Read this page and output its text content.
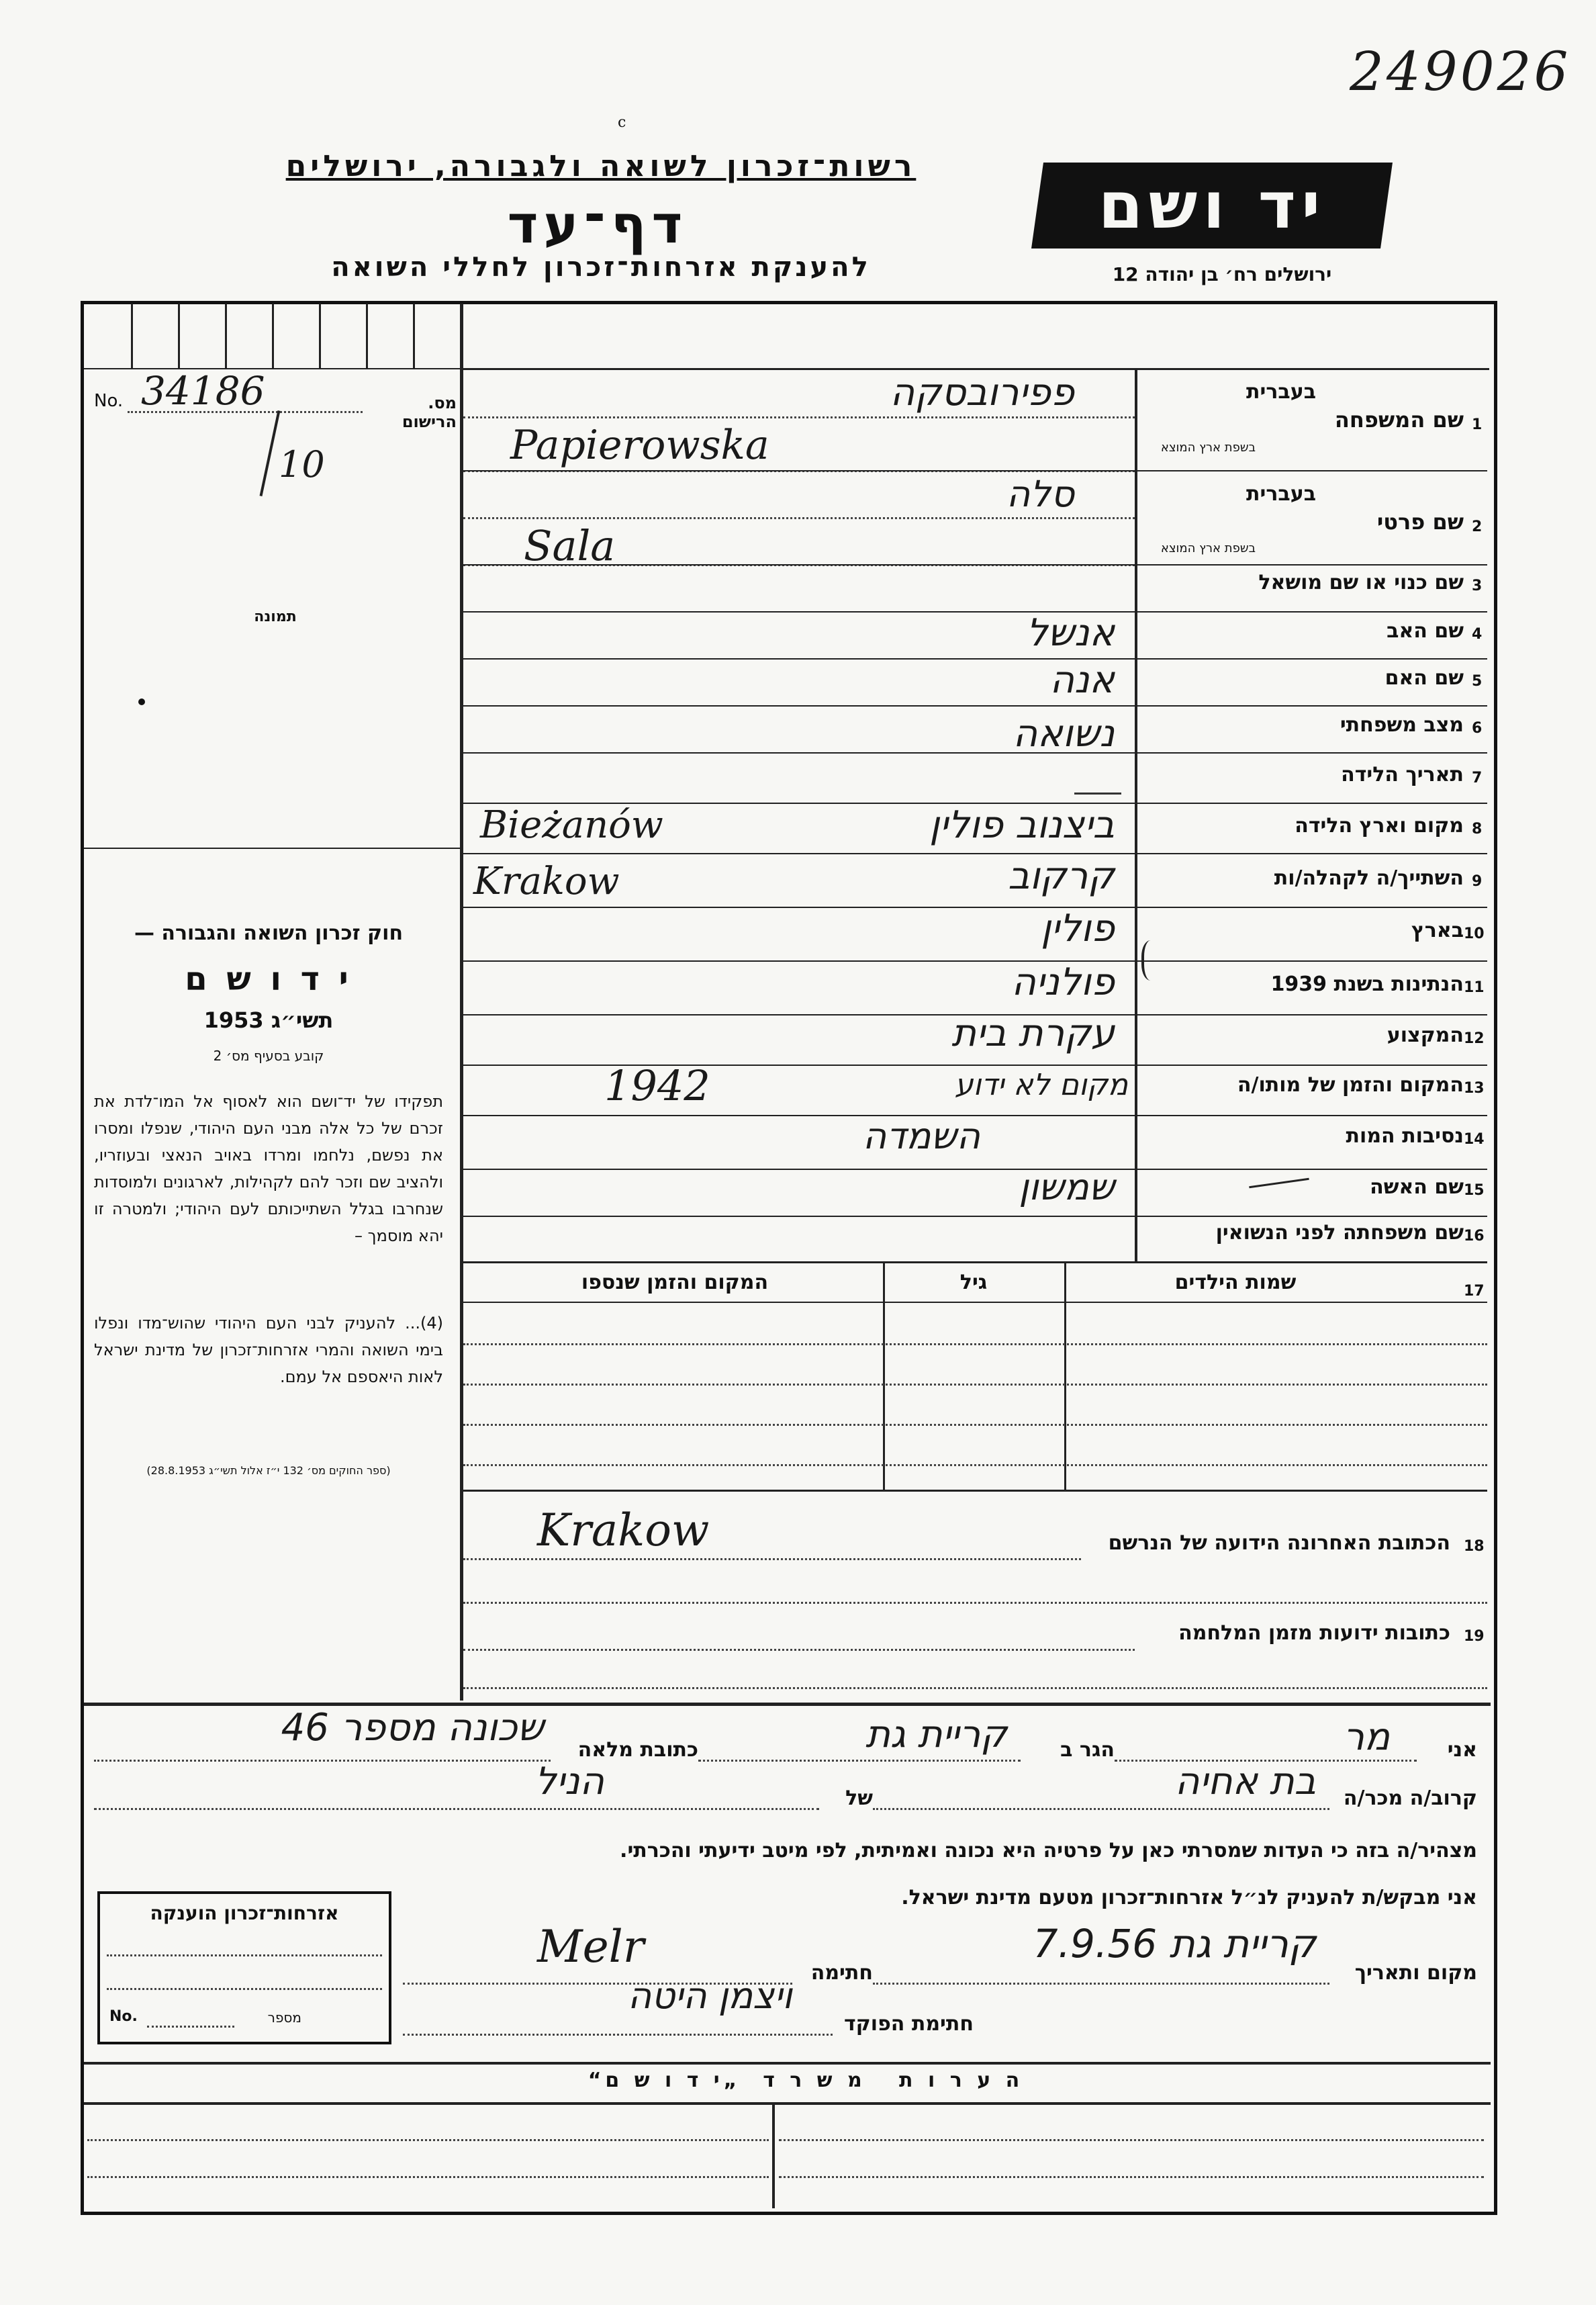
249026
c
רשות־זכרון לשואה ולגבורה, ירושלים
דף־עד
להענקת אזרחות־זכרון לחללי השואה
יד ושם
ירושלים רח׳ בן יהודה 12
No.	מס. הרישום
34186
10
תמונה
חוק זכרון השואה והגבורה —
י ד ו ש ם
תשי״ג 1953
קובע בסעיף מס׳ 2
תפקידו של יד־ושם הוא לאסוף אל המו־לדת את זכרם של כל אלה מבני העם היהודי, שנפלו ומסרו את נפשם, נלחמו ומרדו באויב הנאצי ובעוזריו, ולהציב שם וזכר להם לקהילות, לארגונים ולמוסדות שנחרבו בגלל השתייכותם לעם היהודי; ולמטרה זו יהא מוסמך –
(4)... להעניק לבני העם היהודי שהוש־מדו ונפלו בימי השואה והמרי אזרחות־זכרון של מדינת ישראל לאות היאספם אל עמם.
(ספר החוקים מס׳ 132 י״ז אלול תשי״ג 28.8.1953)
בעברית
שם המשפחה 1
בשפת ארץ המוצא
פפירובסקה
Papierowska
בעברית
שם פרטי 2
בשפת ארץ המוצא
סלה
Sala
שם כנוי או שם מושאל 3
שם האב 4
אנשל
שם האם 5
אנה
מצב משפחתי 6
נשואה
תאריך הלידה 7
מקום וארץ הלידה 8
ביצנוב פולין
Bieżanów
השתייך/ה לקהלה/ות 9
קרקוב
Krakow
בארץ 10
פולין
הנתינות בשנת 1939 11
פולניה
המקצוע 12
עקרת בית
המקום והזמן של מותו/ה 13
מקום לא ידוע
1942
נסיבות המות 14
השמדה
שם האשה 15
שמשון
שם משפחתה לפני הנשואין 16
17
שמות הילדים
גיל
המקום והזמן שנספו
הכתובת האחרונה הידועה של הנרשם 18
Krakow
כתובות ידועות מזמן המלחמה 19
אני
מר
הגר ב
קריית גת
כתובת מלאה
שכונה מספר 46
קרוב/ה מכר/ה
בת אחיה
של
הניל
מצהיר/ה בזה כי העדות שמסרתי כאן על פרטיה היא נכונה ואמיתית, לפי מיטב ידיעתי והכרתי.
אני מבקש/ת להעניק לנ״ל אזרחות־זכרון מטעם מדינת ישראל.
מקום ותאריך
קריית גת 7.9.56
חתימה
Melr
חתימת הפוקד
ויצמן היטה
אזרחות־זכרון הוענקה
No.	מספר
ה ע ר ו ת   מ ש ר ד  „י ד ו ש ם“
